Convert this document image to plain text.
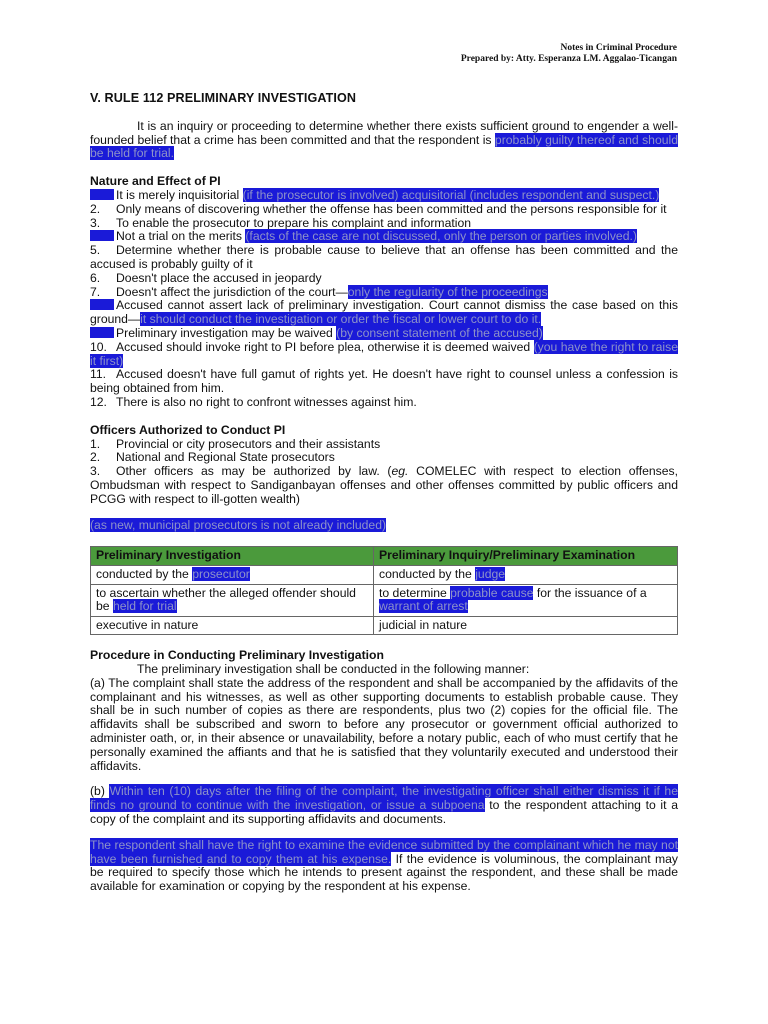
Notes in Criminal Procedure
Prepared by: Atty. Esperanza LM. Aggalao-Ticangan
V. RULE 112 PRELIMINARY INVESTIGATION

It is an inquiry or proceeding to determine whether there exists sufficient ground to engender a well-founded belief that a crime has been committed and that the respondent is probably guilty thereof and should be held for trial.

Nature and Effect of PI
It is merely inquisitorial (if the prosecutor is involved) acquisitorial (includes respondent and suspect.)
2. Only means of discovering whether the offense has been committed and the persons responsible for it
3. To enable the prosecutor to prepare his complaint and information
Not a trial on the merits (facts of the case are not discussed, only the person or parties involved.)
5. Determine whether there is probable cause to believe that an offense has been committed and the accused is probably guilty of it
6. Doesn't place the accused in jeopardy
7. Doesn't affect the jurisdiction of the court—only the regularity of the proceedings
Accused cannot assert lack of preliminary investigation. Court cannot dismiss the case based on this ground—it should conduct the investigation or order the fiscal or lower court to do it.
Preliminary investigation may be waived (by consent statement of the accused)
10. Accused should invoke right to PI before plea, otherwise it is deemed waived (you have the right to raise it first)
11. Accused doesn't have full gamut of rights yet. He doesn't have right to counsel unless a confession is being obtained from him.
12. There is also no right to confront witnesses against him.
Officers Authorized to Conduct PI
1. Provincial or city prosecutors and their assistants
2. National and Regional State prosecutors
3. Other officers as may be authorized by law. (eg. COMELEC with respect to election offenses, Ombudsman with respect to Sandiganbayan offenses and other offenses committed by public officers and PCGG with respect to ill-gotten wealth)

(as new, municipal prosecutors is not already included)

Preliminary Investigation	Preliminary Inquiry/Preliminary Examination
conducted by the prosecutor	conducted by the judge
to ascertain whether the alleged offender should be held for trial	to determine probable cause for the issuance of a warrant of arrest
executive in nature	judicial in nature
Procedure in Conducting Preliminary Investigation

The preliminary investigation shall be conducted in the following manner:

(a) The complaint shall state the address of the respondent and shall be accompanied by the affidavits of the complainant and his witnesses, as well as other supporting documents to establish probable cause. They shall be in such number of copies as there are respondents, plus two (2) copies for the official file. The affidavits shall be subscribed and sworn to before any prosecutor or government official authorized to administer oath, or, in their absence or unavailability, before a notary public, each of who must certify that he personally examined the affiants and that he is satisfied that they voluntarily executed and understood their affidavits.

(b) Within ten (10) days after the filing of the complaint, the investigating officer shall either dismiss it if he finds no ground to continue with the investigation, or issue a subpoena to the respondent attaching to it a copy of the complaint and its supporting affidavits and documents.

The respondent shall have the right to examine the evidence submitted by the complainant which he may not have been furnished and to copy them at his expense. If the evidence is voluminous, the complainant may be required to specify those which he intends to present against the respondent, and these shall be made available for examination or copying by the respondent at his expense.
